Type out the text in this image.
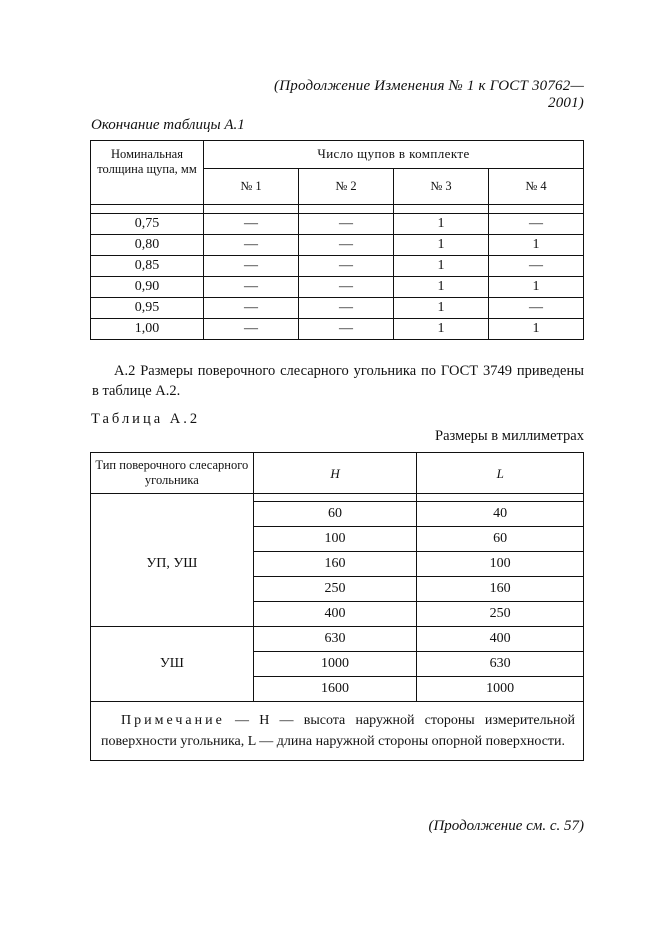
(Продолжение Изменения № 1 к ГОСТ 30762—2001)
Окончание таблицы А.1
Номинальная толщина щупа, мм	Число щупов в комплекте			
	№ 1	№ 2	№ 3	№ 4

0,75	—	—	1	—
0,80	—	—	1	1
0,85	—	—	1	—
0,90	—	—	1	1
0,95	—	—	1	—
1,00	—	—	1	1
А.2 Размеры поверочного слесарного угольника по ГОСТ 3749 приведены в таблице А.2.
Таблица А.2
Размеры в миллиметрах
Тип поверочного слесарного угольника	H	L

УП, УШ	60	40
	100	60
	160	100
	250	160
	400	250
УШ	630	400
	1000	630
	1600	1000
Примечание — H — высота наружной стороны измерительной поверхности угольника, L — длина наружной стороны опорной поверхности.		
(Продолжение см. с. 57)
